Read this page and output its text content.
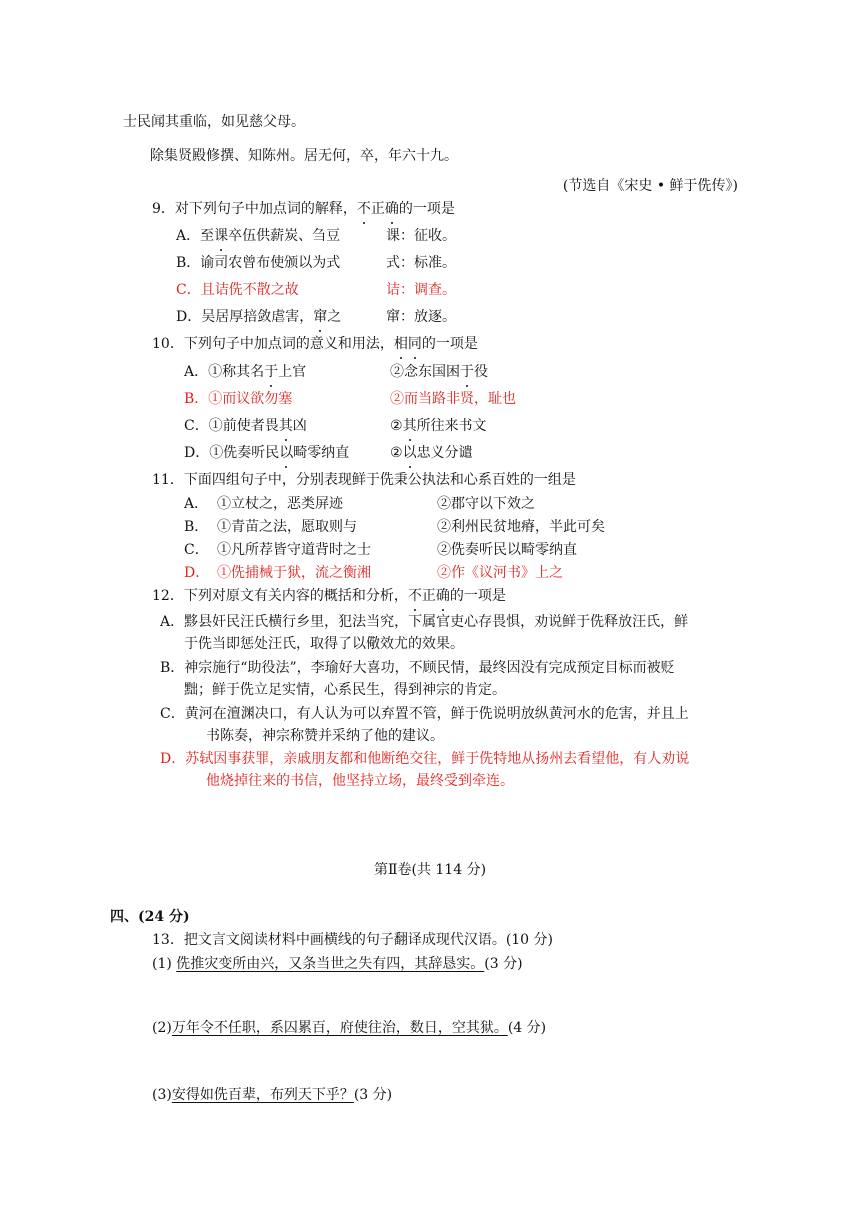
士民闻其重临，如见慈父母。
除集贤殿修撰、知陈州。居无何，卒，年六十九。
(节选自《宋史 • 鲜于侁传》)
9．对下列句子中加点词的解释，不正确的一项是
A．至课卒伍供薪炭、刍豆	课：征收。
B．谕司农曾布使颁以为式	式：标准。
C．且诘侁不散之故	诘：调查。
D．吴居厚掊敛虐害，窜之	窜：放逐。
10．下列句子中加点词的意义和用法，相同的一项是
A．①称其名于上官	②念东国困于役
B．①而议欲勿塞	②而当路非贤，耻也
C．①前使者畏其凶	②其所往来书文
D．①侁奏听民以畸零纳直	②以忠义分谴
11．下面四组句子中，分别表现鲜于侁秉公执法和心系百姓的一组是
A． ①立杖之，恶类屏迹	②郡守以下效之
B． ①青苗之法，愿取则与	②利州民贫地瘠，半此可矣
C． ①凡所荐皆守道背时之士	②侁奏听民以畸零纳直
D． ①侁捕械于狱，流之衡湘	②作《议河书》上之
12．下列对原文有关内容的概括和分析，不正确的一项是
A．黟县奸民汪氏横行乡里，犯法当究，下属官吏心存畏惧，劝说鲜于侁释放汪氏，鲜
于侁当即惩处汪氏，取得了以儆效尤的效果。
B．神宗施行“助役法”，李瑜好大喜功，不顾民情，最终因没有完成预定目标而被贬
黜；鲜于侁立足实情，心系民生，得到神宗的肯定。
C．黄河在澶渊决口，有人认为可以弃置不管，鲜于侁说明放纵黄河水的危害，并且上
书陈奏，神宗称赞并采纳了他的建议。
D．苏轼因事获罪，亲戚朋友都和他断绝交往，鲜于侁特地从扬州去看望他，有人劝说
他烧掉往来的书信，他坚持立场，最终受到牵连。
第Ⅱ卷(共 114 分)
四、(24 分)
13．把文言文阅读材料中画横线的句子翻译成现代汉语。(10 分)
(1) 侁推灾变所由兴，又条当世之失有四，其辞恳实。(3 分)
(2)万年令不任职，系囚累百，府使往治，数日，空其狱。(4 分)
(3)安得如侁百辈，布列天下乎？(3 分)
